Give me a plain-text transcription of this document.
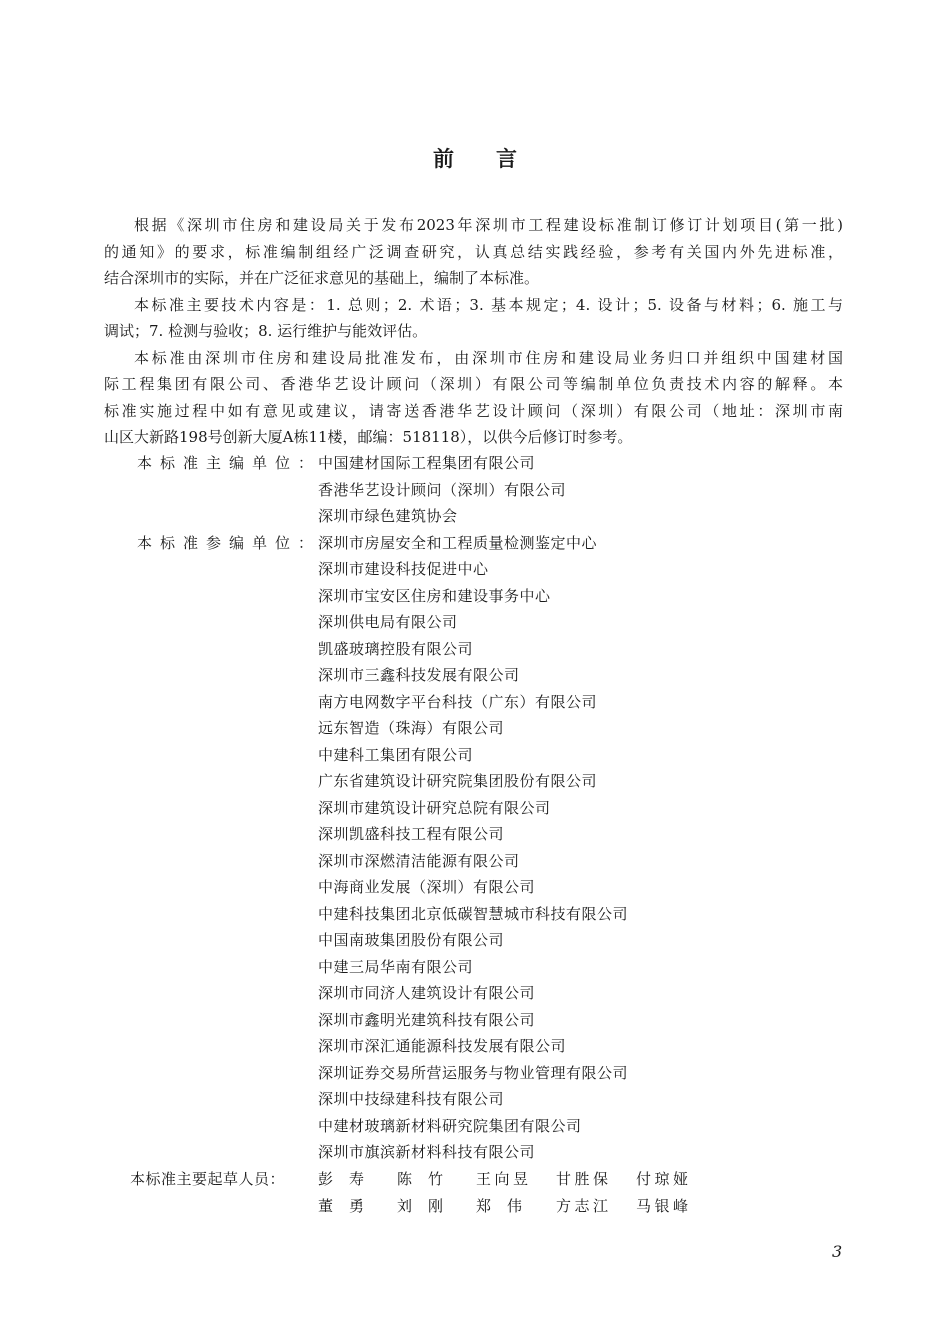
前言
根据《深圳市住房和建设局关于发布2023年深圳市工程建设标准制订修订计划项目(第一批)
的通知》的要求，标准编制组经广泛调查研究，认真总结实践经验，参考有关国内外先进标准，
结合深圳市的实际，并在广泛征求意见的基础上，编制了本标准。
本标准主要技术内容是：1. 总则；2. 术语；3. 基本规定；4. 设计；5. 设备与材料；6. 施工与
调试；7. 检测与验收；8. 运行维护与能效评估。
本标准由深圳市住房和建设局批准发布，由深圳市住房和建设局业务归口并组织中国建材国
际工程集团有限公司、香港华艺设计顾问（深圳）有限公司等编制单位负责技术内容的解释。本
标准实施过程中如有意见或建议，请寄送香港华艺设计顾问（深圳）有限公司（地址：深圳市南
山区大新路198号创新大厦A栋11楼，邮编：518118），以供今后修订时参考。
本标准主编单位： 中国建材国际工程集团有限公司
香港华艺设计顾问（深圳）有限公司
深圳市绿色建筑协会
本标准参编单位： 深圳市房屋安全和工程质量检测鉴定中心
深圳市建设科技促进中心
深圳市宝安区住房和建设事务中心
深圳供电局有限公司
凯盛玻璃控股有限公司
深圳市三鑫科技发展有限公司
南方电网数字平台科技（广东）有限公司
远东智造（珠海）有限公司
中建科工集团有限公司
广东省建筑设计研究院集团股份有限公司
深圳市建筑设计研究总院有限公司
深圳凯盛科技工程有限公司
深圳市深燃清洁能源有限公司
中海商业发展（深圳）有限公司
中建科技集团北京低碳智慧城市科技有限公司
中国南玻集团股份有限公司
中建三局华南有限公司
深圳市同济人建筑设计有限公司
深圳市鑫明光建筑科技有限公司
深圳市深汇通能源科技发展有限公司
深圳证券交易所营运服务与物业管理有限公司
深圳中技绿建科技有限公司
中建材玻璃新材料研究院集团有限公司
深圳市旗滨新材料科技有限公司
本标准主要起草人员： 彭寿 陈竹 王向昱 甘胜保 付琼娅
董勇 刘刚 郑伟 方志江 马银峰
3
